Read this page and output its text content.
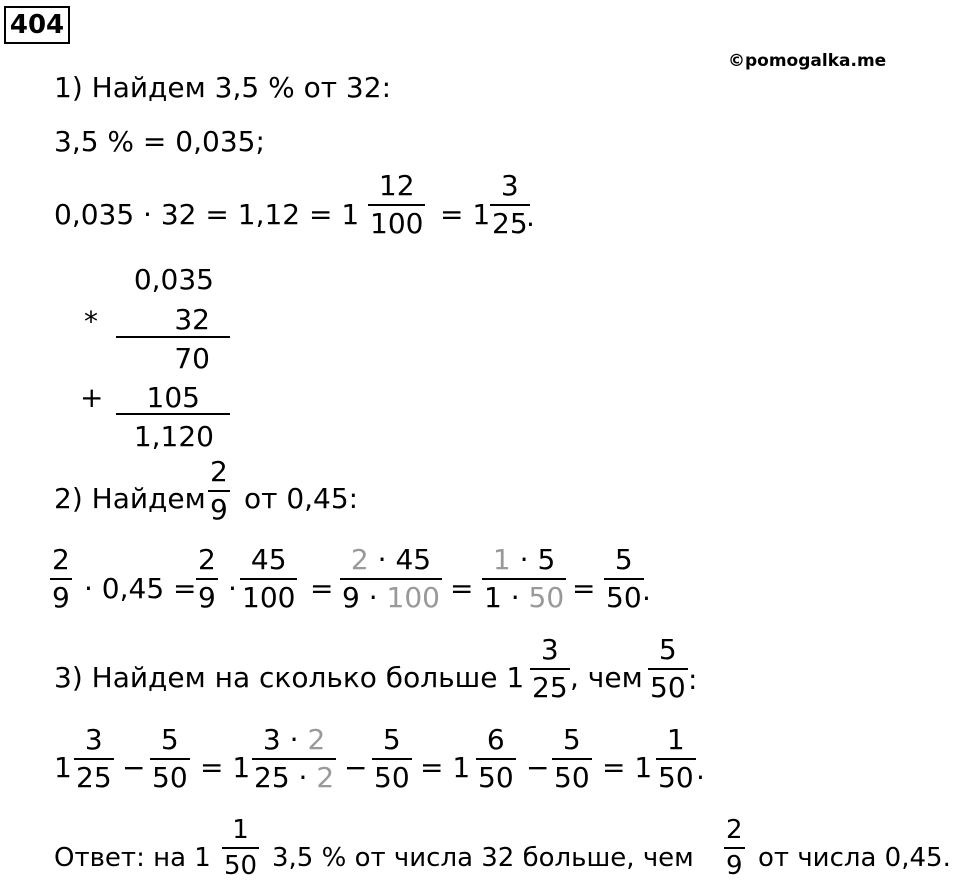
404
©pomogalka.me
1) Найдем 3,5 % от 32:
3,5 % = 0,035;
$0,035 \cdot 32 = 1,12 = 1 \frac{12}{100} = 1 \frac{3}{25}$
.
0,035
*	32
70
+	105
1,120
2) Найдем $\frac{2}{9}$ от 0,45:
$\frac{2}{9} \cdot 0,45 = \frac{2}{9} \cdot \frac{45}{100} = \frac{2 \cdot 45}{9 \cdot 100} = \frac{1 \cdot 5}{1 \cdot 50} = \frac{5}{50}$
.
3) Найдем на сколько больше $1 \frac{3}{25}$ , чем $\frac{5}{50}$ :
$1 \frac{3}{25} - \frac{5}{50} = 1 \frac{3 \cdot 2}{25 \cdot 2} - \frac{5}{50} = 1 \frac{6}{50} - \frac{5}{50} = 1 \frac{1}{50}$ .
Ответ: на $1 \frac{1}{50} 3,5$ % от числа 32 больше, чем $\frac{2}{9}$ от числа 0,45.
